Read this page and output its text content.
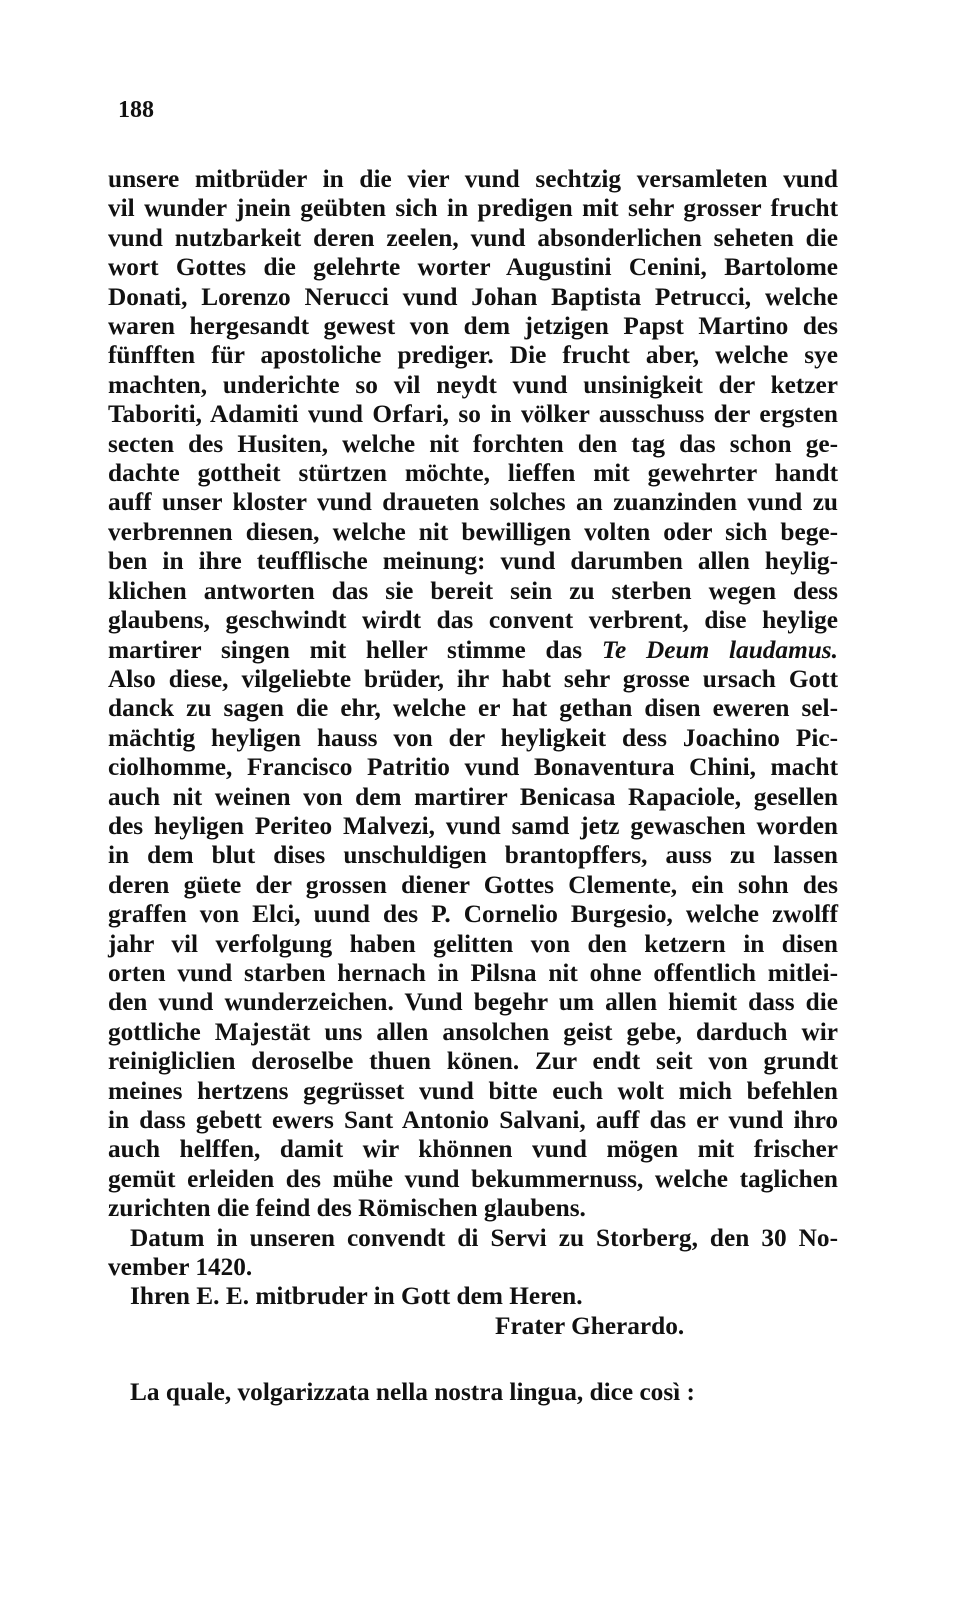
188
unsere mitbrüder in die vier vund sechtzig versamleten vund
vil wunder jnein geübten sich in predigen mit sehr grosser frucht
vund nutzbarkeit deren zeelen, vund absonderlichen seheten die
wort Gottes die gelehrte worter Augustini Cenini, Bartolome
Donati, Lorenzo Nerucci vund Johan Baptista Petrucci, welche
waren hergesandt gewest von dem jetzigen Papst Martino des
fünfften für apostoliche prediger. Die frucht aber, welche sye
machten, underichte so vil neydt vund unsinigkeit der ketzer
Taboriti, Adamiti vund Orfari, so in völker ausschuss der ergsten
secten des Husiten, welche nit forchten den tag das schon ge-
dachte gottheit stürtzen möchte, lieffen mit gewehrter handt
auff unser kloster vund draueten solches an zuanzinden vund zu
verbrennen diesen, welche nit bewilligen volten oder sich bege-
ben in ihre teufflische meinung: vund darumben allen heylig-
klichen antworten das sie bereit sein zu sterben wegen dess
glaubens, geschwindt wirdt das convent verbrent, dise heylige
martirer singen mit heller stimme das Te Deum laudamus.
Also diese, vilgeliebte brüder, ihr habt sehr grosse ursach Gott
danck zu sagen die ehr, welche er hat gethan disen eweren sel-
mächtig heyligen hauss von der heyligkeit dess Joachino Pic-
ciolhomme, Francisco Patritio vund Bonaventura Chini, macht
auch nit weinen von dem martirer Benicasa Rapaciole, gesellen
des heyligen Periteo Malvezi, vund samd jetz gewaschen worden
in dem blut dises unschuldigen brantopffers, auss zu lassen
deren güete der grossen diener Gottes Clemente, ein sohn des
graffen von Elci, uund des P. Cornelio Burgesio, welche zwolff
jahr vil verfolgung haben gelitten von den ketzern in disen
orten vund starben hernach in Pilsna nit ohne offentlich mitlei-
den vund wunderzeichen. Vund begehr um allen hiemit dass die
gottliche Majestät uns allen ansolchen geist gebe, darduch wir
reinigliclien deroselbe thuen könen. Zur endt seit von grundt
meines hertzens gegrüsset vund bitte euch wolt mich befehlen
in dass gebett ewers Sant Antonio Salvani, auff das er vund ihro
auch helffen, damit wir khönnen vund mögen mit frischer
gemüt erleiden des mühe vund bekummernuss, welche taglichen
zurichten die feind des Römischen glaubens.
Datum in unseren convendt di Servi zu Storberg, den 30 No-
vember 1420.
Ihren E. E. mitbruder in Gott dem Heren.
Frater Gherardo.
La quale, volgarizzata nella nostra lingua, dice così :
